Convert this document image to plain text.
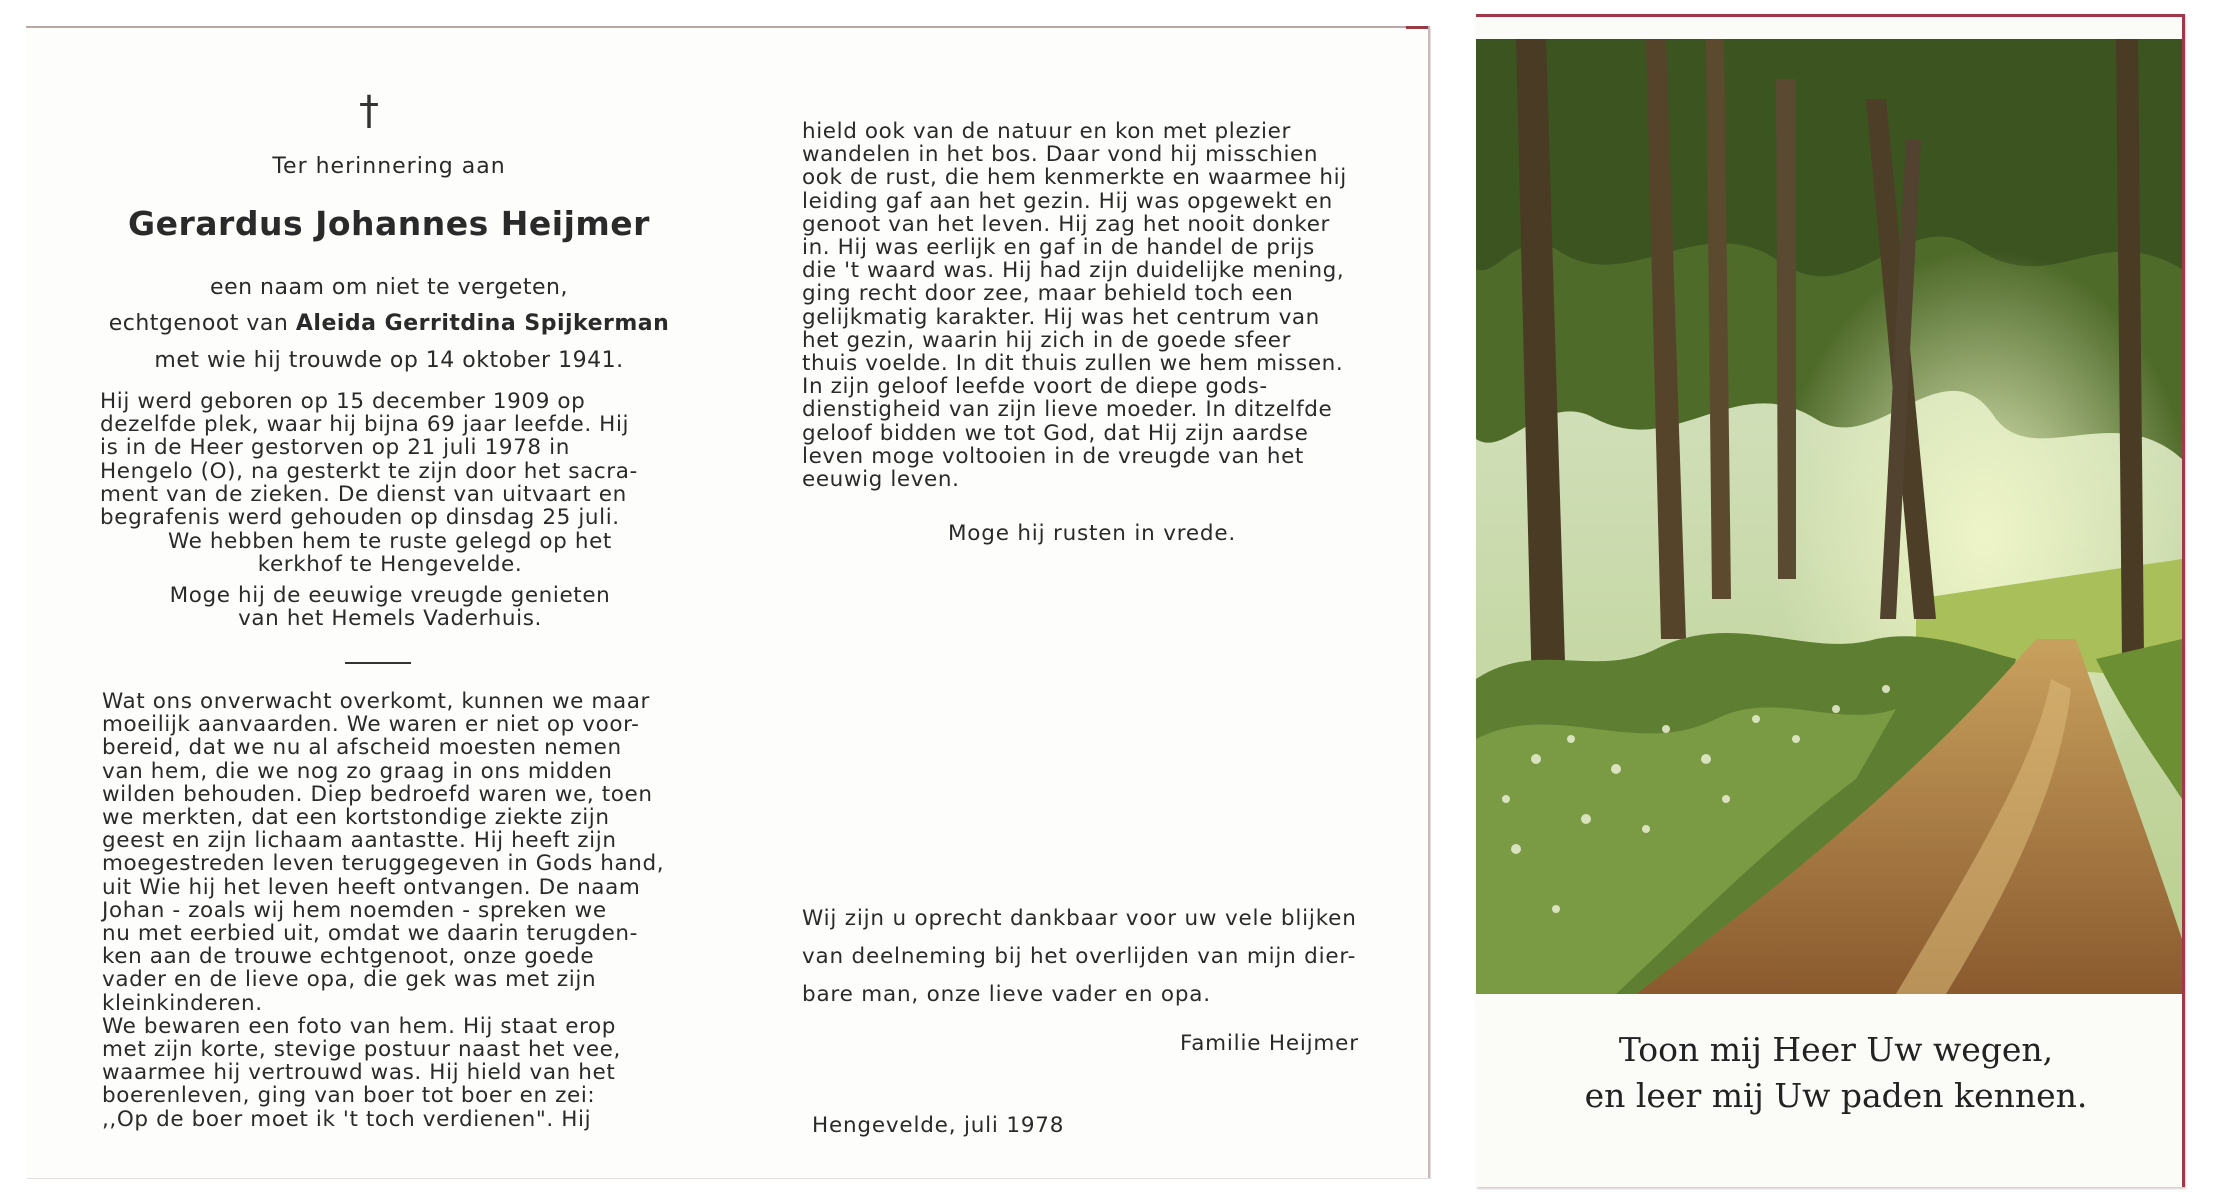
†
Ter herinnering aan
Gerardus Johannes Heijmer
een naam om niet te vergeten,
echtgenoot van Aleida Gerritdina Spijkerman
met wie hij trouwde op 14 oktober 1941.
Hij werd geboren op 15 december 1909 op
dezelfde plek, waar hij bijna 69 jaar leefde. Hij
is in de Heer gestorven op 21 juli 1978 in
Hengelo (O), na gesterkt te zijn door het sacra-
ment van de zieken. De dienst van uitvaart en
begrafenis werd gehouden op dinsdag 25 juli.
We hebben hem te ruste gelegd op het
kerkhof te Hengevelde.
Moge hij de eeuwige vreugde genieten
van het Hemels Vaderhuis.
Wat ons onverwacht overkomt, kunnen we maar
moeilijk aanvaarden. We waren er niet op voor-
bereid, dat we nu al afscheid moesten nemen
van hem, die we nog zo graag in ons midden
wilden behouden. Diep bedroefd waren we, toen
we merkten, dat een kortstondige ziekte zijn
geest en zijn lichaam aantastte. Hij heeft zijn
moegestreden leven teruggegeven in Gods hand,
uit Wie hij het leven heeft ontvangen. De naam
Johan - zoals wij hem noemden - spreken we
nu met eerbied uit, omdat we daarin terugden-
ken aan de trouwe echtgenoot, onze goede
vader en de lieve opa, die gek was met zijn
kleinkinderen.
We bewaren een foto van hem. Hij staat erop
met zijn korte, stevige postuur naast het vee,
waarmee hij vertrouwd was. Hij hield van het
boerenleven, ging van boer tot boer en zei:
,,Op de boer moet ik 't toch verdienen". Hij
hield ook van de natuur en kon met plezier
wandelen in het bos. Daar vond hij misschien
ook de rust, die hem kenmerkte en waarmee hij
leiding gaf aan het gezin. Hij was opgewekt en
genoot van het leven. Hij zag het nooit donker
in. Hij was eerlijk en gaf in de handel de prijs
die 't waard was. Hij had zijn duidelijke mening,
ging recht door zee, maar behield toch een
gelijkmatig karakter. Hij was het centrum van
het gezin, waarin hij zich in de goede sfeer
thuis voelde. In dit thuis zullen we hem missen.
In zijn geloof leefde voort de diepe gods-
dienstigheid van zijn lieve moeder. In ditzelfde
geloof bidden we tot God, dat Hij zijn aardse
leven moge voltooien in de vreugde van het
eeuwig leven.
Moge hij rusten in vrede.
Wij zijn u oprecht dankbaar voor uw vele blijken
van deelneming bij het overlijden van mijn dier-
bare man, onze lieve vader en opa.
Familie Heijmer
Hengevelde, juli 1978
Toon mij Heer Uw wegen,
en leer mij Uw paden kennen.
